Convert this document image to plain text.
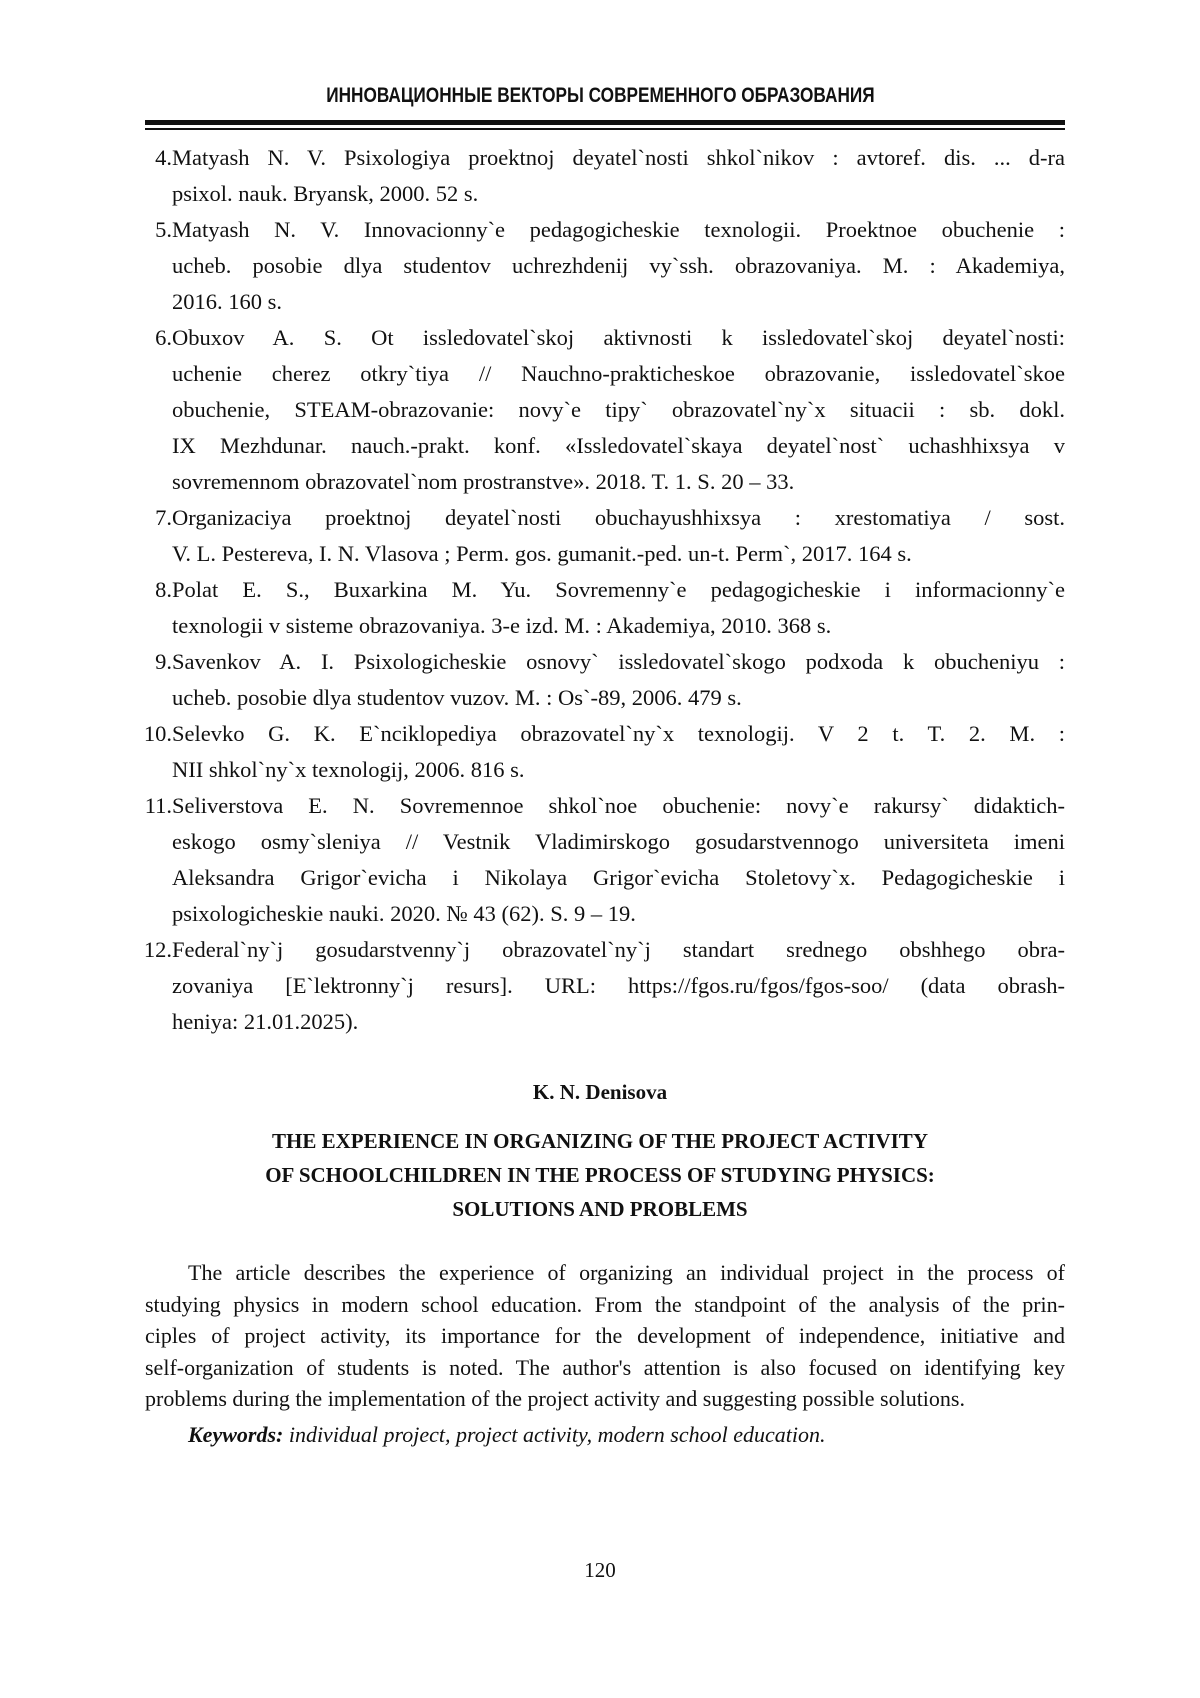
ИННОВАЦИОННЫЕ ВЕКТОРЫ СОВРЕМЕННОГО ОБРАЗОВАНИЯ
4. Matyash N. V. Psixologiya proektnoj deyatel`nosti shkol`nikov : avtoref. dis. ... d-ra
psixol. nauk. Bryansk, 2000. 52 s.
5. Matyash N. V. Innovacionny`e pedagogicheskie texnologii. Proektnoe obuchenie :
ucheb. posobie dlya studentov uchrezhdenij vy`ssh. obrazovaniya. M. : Akademiya,
2016. 160 s.
6. Obuxov A. S. Ot issledovatel`skoj aktivnosti k issledovatel`skoj deyatel`nosti:
uchenie cherez otkry`tiya // Nauchno-prakticheskoe obrazovanie, issledovatel`skoe
obuchenie, STEAM-obrazovanie: novy`e tipy` obrazovatel`ny`x situacii : sb. dokl.
IX Mezhdunar. nauch.-prakt. konf. «Issledovatel`skaya deyatel`nost` uchashhixsya v
sovremennom obrazovatel`nom prostranstve». 2018. T. 1. S. 20 – 33.
7. Organizaciya proektnoj deyatel`nosti obuchayushhixsya : xrestomatiya / sost.
V. L. Pestereva, I. N. Vlasova ; Perm. gos. gumanit.-ped. un-t. Perm`, 2017. 164 s.
8. Polat E. S., Buxarkina M. Yu. Sovremenny`e pedagogicheskie i informacionny`e
texnologii v sisteme obrazovaniya. 3-e izd. M. : Akademiya, 2010. 368 s.
9. Savenkov A. I. Psixologicheskie osnovy` issledovatel`skogo podxoda k obucheniyu :
ucheb. posobie dlya studentov vuzov. M. : Os`-89, 2006. 479 s.
10. Selevko G. K. E`nciklopediya obrazovatel`ny`x texnologij. V 2 t. T. 2. M. :
NII shkol`ny`x texnologij, 2006. 816 s.
11. Seliverstova E. N. Sovremennoe shkol`noe obuchenie: novy`e rakursy` didaktich-
eskogo osmy`sleniya // Vestnik Vladimirskogo gosudarstvennogo universiteta imeni
Aleksandra Grigor`evicha i Nikolaya Grigor`evicha Stoletovy`x. Pedagogicheskie i
psixologicheskie nauki. 2020. № 43 (62). S. 9 – 19.
12. Federal`ny`j gosudarstvenny`j obrazovatel`ny`j standart srednego obshhego obra-
zovaniya [E`lektronny`j resurs]. URL: https://fgos.ru/fgos/fgos-soo/ (data obrash-
heniya: 21.01.2025).
K. N. Denisova
THE EXPERIENCE IN ORGANIZING OF THE PROJECT ACTIVITY
OF SCHOOLCHILDREN IN THE PROCESS OF STUDYING PHYSICS:
SOLUTIONS AND PROBLEMS
The article describes the experience of organizing an individual project in the process of
studying physics in modern school education. From the standpoint of the analysis of the prin-
ciples of project activity, its importance for the development of independence, initiative and
self-organization of students is noted. The author's attention is also focused on identifying key
problems during the implementation of the project activity and suggesting possible solutions.
Keywords: individual project, project activity, modern school education.
120
